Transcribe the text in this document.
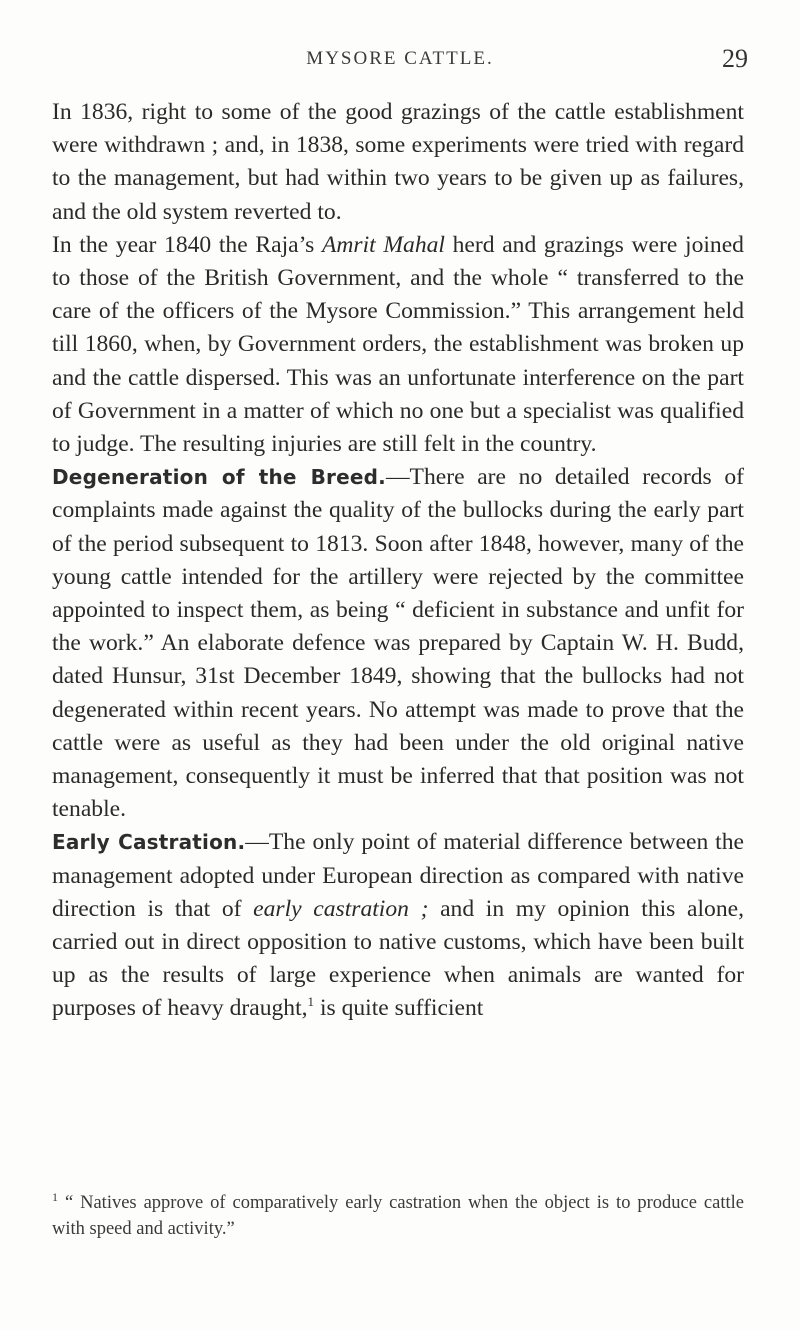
MYSORE CATTLE.	29

In 1836, right to some of the good grazings of the cattle establishment were withdrawn ; and, in 1838, some experiments were tried with regard to the management, but had within two years to be given up as failures, and the old system reverted to.

In the year 1840 the Raja’s Amrit Mahal herd and grazings were joined to those of the British Government, and the whole “ transferred to the care of the officers of the Mysore Commission.” This arrangement held till 1860, when, by Government orders, the establishment was broken up and the cattle dispersed. This was an unfortunate interference on the part of Government in a matter of which no one but a specialist was qualified to judge. The resulting injuries are still felt in the country.

Degeneration of the Breed.—There are no detailed records of complaints made against the quality of the bullocks during the early part of the period subsequent to 1813. Soon after 1848, however, many of the young cattle intended for the artillery were rejected by the committee appointed to inspect them, as being “ deficient in substance and unfit for the work.” An elaborate defence was prepared by Captain W. H. Budd, dated Hunsur, 31st December 1849, showing that the bullocks had not degenerated within recent years. No attempt was made to prove that the cattle were as useful as they had been under the old original native management, consequently it must be inferred that that position was not tenable.

Early Castration.—The only point of material difference between the management adopted under European direction as compared with native direction is that of early castration ; and in my opinion this alone, carried out in direct opposition to native customs, which have been built up as the results of large experience when animals are wanted for purposes of heavy draught,$^1$ is quite sufficient

$^1$ “ Natives approve of comparatively early castration when the object is to produce cattle with speed and activity.”
